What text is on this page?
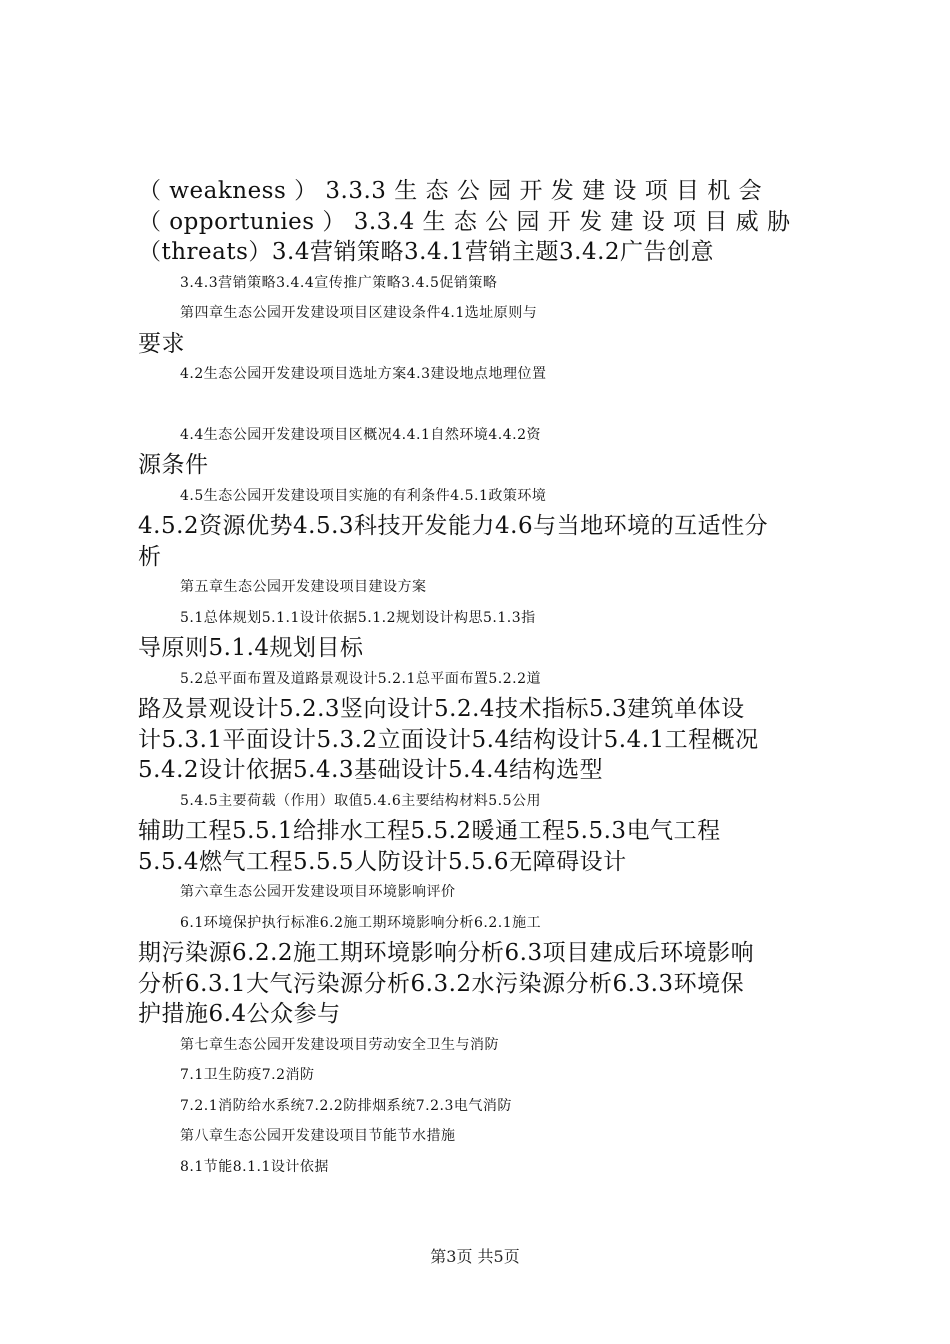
（ weakness ） 3.3.3 生 态 公 园 开 发 建 设 项 目 机 会
（ opportunies ） 3.3.4 生 态 公 园 开 发 建 设 项 目 威 胁
（threats）3.4营销策略3.4.1营销主题3.4.2广告创意
3.4.3营销策略3.4.4宣传推广策略3.4.5促销策略
第四章生态公园开发建设项目区建设条件4.1选址原则与
要求
4.2生态公园开发建设项目选址方案4.3建设地点地理位置
4.4生态公园开发建设项目区概况4.4.1自然环境4.4.2资
源条件
4.5生态公园开发建设项目实施的有利条件4.5.1政策环境
4.5.2资源优势4.5.3科技开发能力4.6与当地环境的互适性分
析
第五章生态公园开发建设项目建设方案
5.1总体规划5.1.1设计依据5.1.2规划设计构思5.1.3指
导原则5.1.4规划目标
5.2总平面布置及道路景观设计5.2.1总平面布置5.2.2道
路及景观设计5.2.3竖向设计5.2.4技术指标5.3建筑单体设
计5.3.1平面设计5.3.2立面设计5.4结构设计5.4.1工程概况
5.4.2设计依据5.4.3基础设计5.4.4结构选型
5.4.5主要荷载（作用）取值5.4.6主要结构材料5.5公用
辅助工程5.5.1给排水工程5.5.2暖通工程5.5.3电气工程
5.5.4燃气工程5.5.5人防设计5.5.6无障碍设计
第六章生态公园开发建设项目环境影响评价
6.1环境保护执行标准6.2施工期环境影响分析6.2.1施工
期污染源6.2.2施工期环境影响分析6.3项目建成后环境影响
分析6.3.1大气污染源分析6.3.2水污染源分析6.3.3环境保
护措施6.4公众参与
第七章生态公园开发建设项目劳动安全卫生与消防
7.1卫生防疫7.2消防
7.2.1消防给水系统7.2.2防排烟系统7.2.3电气消防
第八章生态公园开发建设项目节能节水措施
8.1节能8.1.1设计依据
第3页 共5页
